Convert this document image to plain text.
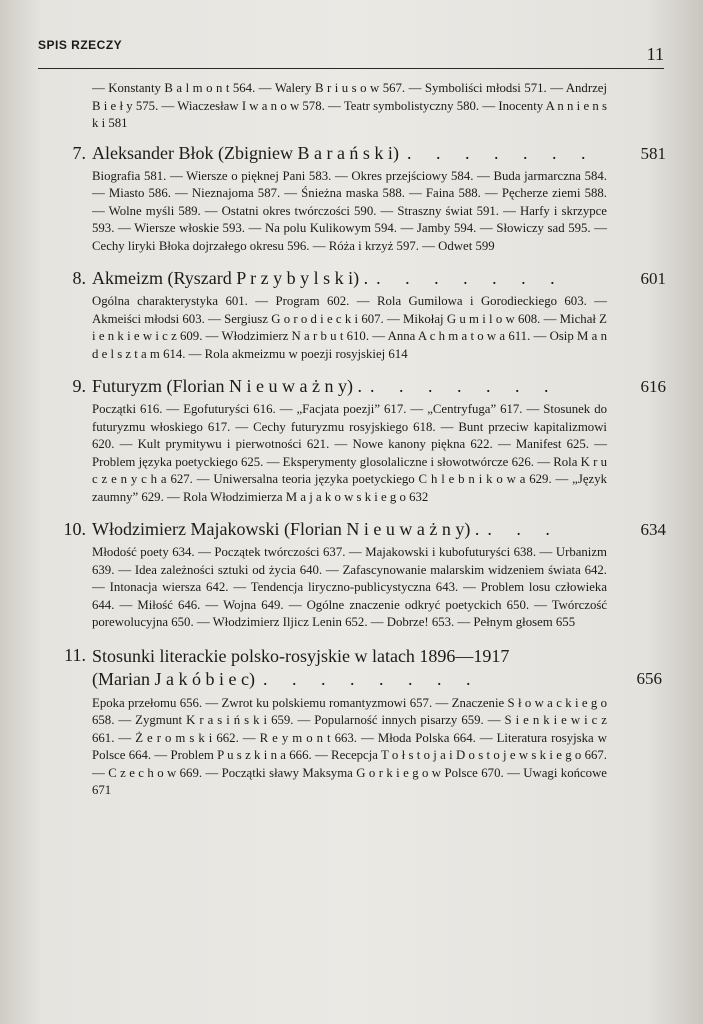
SPIS RZECZY	11
— Konstanty B a l m o n t 564. — Walery B r i u s o w 567. — Symboliści młodsi 571. — Andrzej B i e ł y 575. — Wiaczesław I w a n o w 578. — Teatr symbolistyczny 580. — Inocenty A n n i e n s k i 581
7. Aleksander Błok (Zbigniew B a r a ń s k i) . . . . . . .	581
Biografia 581. — Wiersze o pięknej Pani 583. — Okres przejściowy 584. — Buda jarmarczna 584. — Miasto 586. — Nieznajoma 587. — Śnieżna maska 588. — Faina 588. — Pęcherze ziemi 588. — Wolne myśli 589. — Ostatni okres twórczości 590. — Straszny świat 591. — Harfy i skrzypce 593. — Wiersze włoskie 593. — Na polu Kulikowym 594. — Jamby 594. — Słowiczy sad 595. — Cechy liryki Błoka dojrzałego okresu 596. — Róża i krzyż 597. — Odwet 599
8. Akmeizm (Ryszard P r z y b y l s k i) . . . . . . . .	601
Ogólna charakterystyka 601. — Program 602. — Rola Gumilowa i Gorodieckiego 603. — Akmeiści młodsi 603. — Sergiusz G o r o d i e c k i 607. — Mikołaj G u m i l o w 608. — Michał Z i e n k i e w i c z 609. — Włodzimierz N a r b u t 610. — Anna A c h m a t o w a 611. — Osip M a n d e l s z t a m 614. — Rola akmeizmu w poezji rosyjskiej 614
9. Futuryzm (Florian N i e u w a ż n y) . . . . . . . .	616
Początki 616. — Egofuturyści 616. — „Facjata poezji” 617. — „Centryfuga” 617. — Stosunek do futuryzmu włoskiego 617. — Cechy futuryzmu rosyjskiego 618. — Bunt przeciw kapitalizmowi 620. — Kult prymitywu i pierwotności 621. — Nowe kanony piękna 622. — Manifest 625. — Problem języka poetyckiego 625. — Eksperymenty glosolaliczne i słowotwórcze 626. — Rola K r u c z e n y c h a 627. — Uniwersalna teoria języka poetyckiego C h l e b n i k o w a 629. — „Język zaumny” 629. — Rola Włodzimierza M a j a k o w s k i e g o 632
10. Włodzimierz Majakowski (Florian N i e u w a ż n y) . . . .	634
Młodość poety 634. — Początek twórczości 637. — Majakowski i kubofuturyści 638. — Urbanizm 639. — Idea zależności sztuki od życia 640. — Zafascynowanie malarskim widzeniem świata 642. — Intonacja wiersza 642. — Tendencja liryczno-publicystyczna 643. — Problem losu człowieka 644. — Miłość 646. — Wojna 649. — Ogólne znaczenie odkryć poetyckich 650. — Twórczość porewolucyjna 650. — Włodzimierz Iljicz Lenin 652. — Dobrze! 653. — Pełnym głosem 655
11. Stosunki literackie polsko-rosyjskie w latach 1896—1917
(Marian J a k ó b i e c) . . . . . . . .	656
Epoka przełomu 656. — Zwrot ku polskiemu romantyzmowi 657. — Znaczenie S ł o w a c k i e g o 658. — Zygmunt K r a s i ń s k i 659. — Popularność innych pisarzy 659. — S i e n k i e w i c z 661. — Ż e r o m s k i 662. — R e y m o n t 663. — Młoda Polska 664. — Literatura rosyjska w Polsce 664. — Problem P u s z k i n a 666. — Recepcja T o ł s t o j a i D o s t o j e w s k i e g o 667. — C z e c h o w 669. — Początki sławy Maksyma G o r k i e g o w Polsce 670. — Uwagi końcowe 671
